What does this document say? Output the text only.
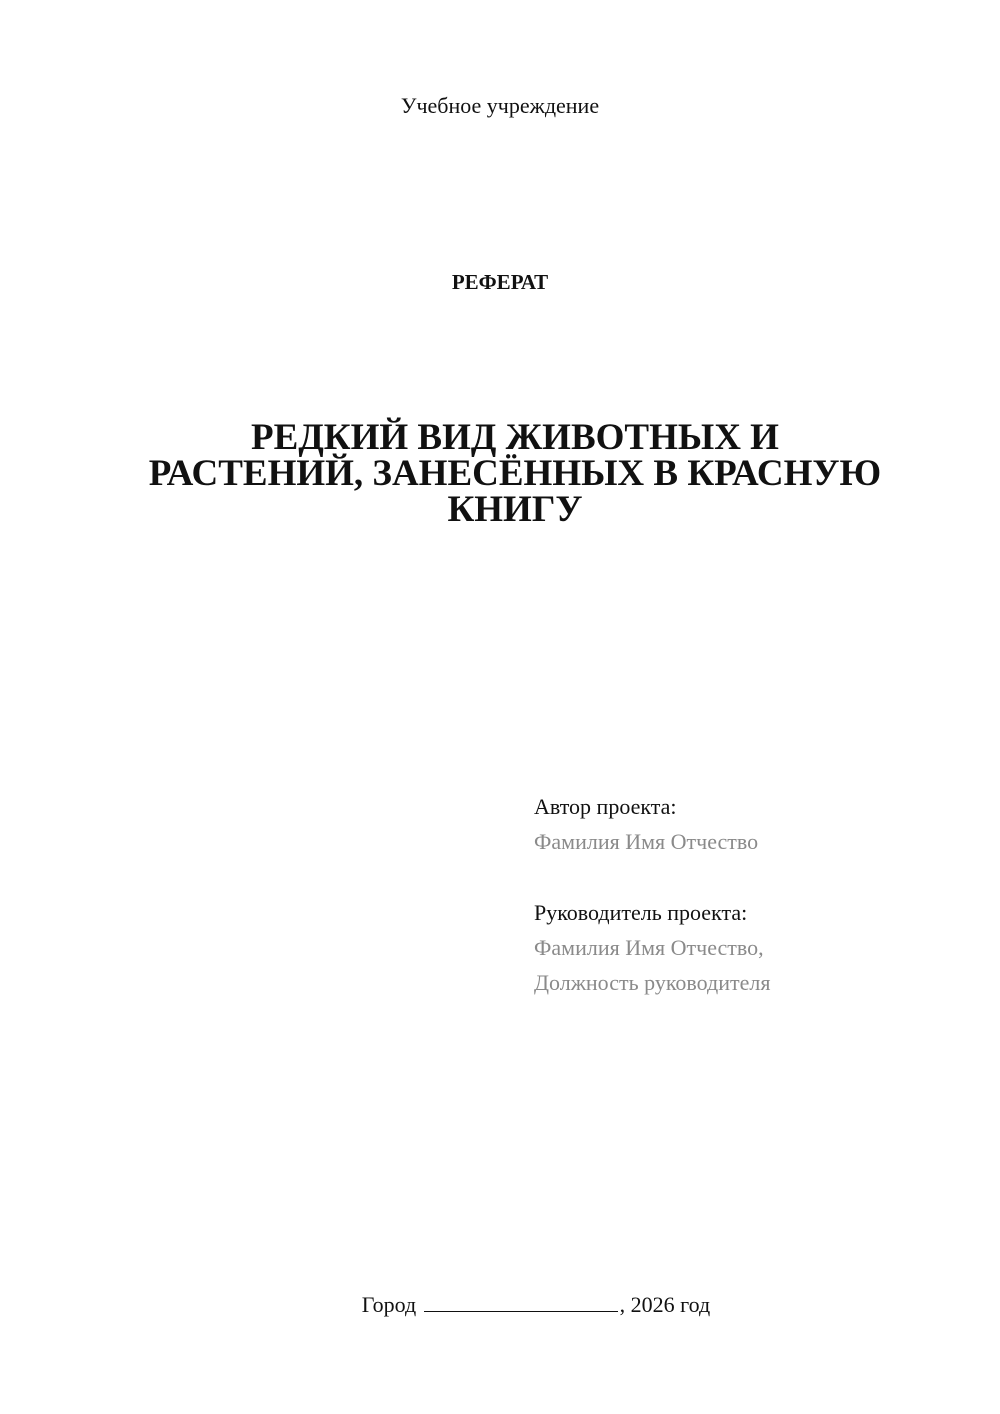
Учебное учреждение
РЕФЕРАТ
РЕДКИЙ ВИД ЖИВОТНЫХ И
РАСТЕНИЙ, ЗАНЕСЁННЫХ В КРАСНУЮ
КНИГУ
Автор проекта:
Фамилия Имя Отчество
Руководитель проекта:
Фамилия Имя Отчество,
Должность руководителя
Город	, 2026 год
